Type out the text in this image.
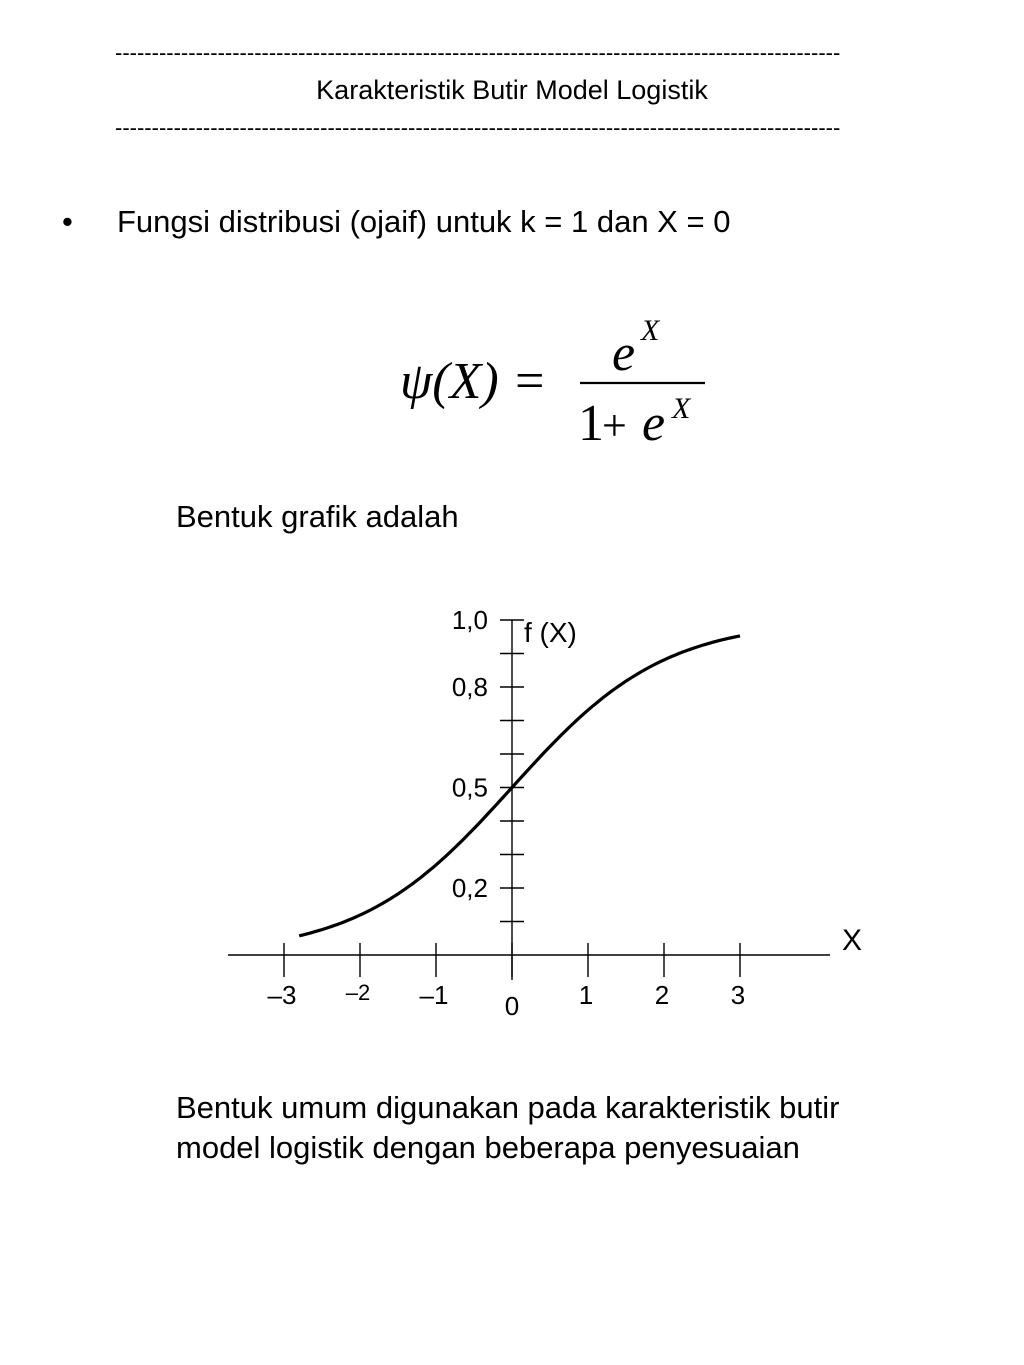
---------------------------------------------------------------------------------------------------
Karakteristik Butir Model Logistik
---------------------------------------------------------------------------------------------------
• Fungsi distribusi (ojaif) untuk k = 1 dan X = 0
ψ(X) = e X
1
+ e X
Bentuk grafik adalah
f (X)
X
–3 –2 –1 0 1 2 3
0,2
0,5
0,8
1,0
Bentuk umum digunakan pada karakteristik butir
model logistik dengan beberapa penyesuaian
